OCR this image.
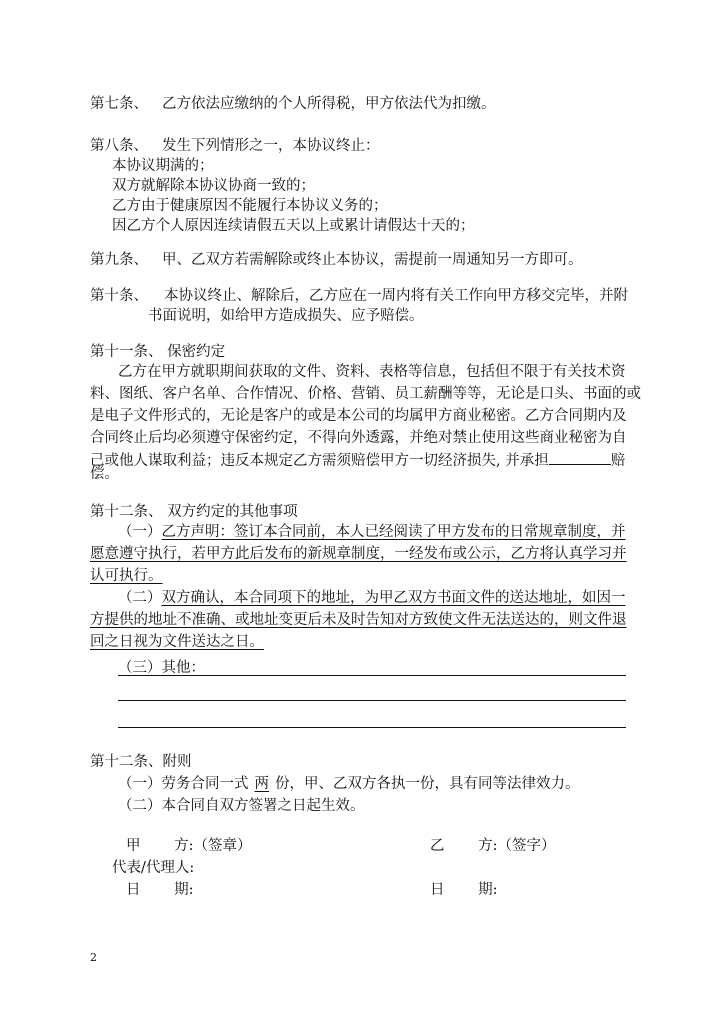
第七条、 乙方依法应缴纳的个人所得税，甲方依法代为扣缴。
第八条、 发生下列情形之一，本协议终止：
本协议期满的；
双方就解除本协议协商一致的；
乙方由于健康原因不能履行本协议义务的；
因乙方个人原因连续请假五天以上或累计请假达十天的；
第九条、 甲、乙双方若需解除或终止本协议，需提前一周通知另一方即可。
第十条、 本协议终止、解除后，乙方应在一周内将有关工作向甲方移交完毕，并附
书面说明，如给甲方造成损失、应予赔偿。
第十一条、 保密约定
乙方在甲方就职期间获取的文件、资料、表格等信息，包括但不限于有关技术资
料、图纸、客户名单、合作情况、价格、营销、员工薪酬等等，无论是口头、书面的或
是电子文件形式的，无论是客户的或是本公司的均属甲方商业秘密。乙方合同期内及
合同终止后均必须遵守保密约定，不得向外透露，并绝对禁止使用这些商业秘密为自
己或他人谋取利益；违反本规定乙方需须赔偿甲方一切经济损失, 并承担	赔
偿。
第十二条、 双方约定的其他事项
（一）乙方声明：签订本合同前，本人已经阅读了甲方发布的日常规章制度，并
愿意遵守执行，若甲方此后发布的新规章制度，一经发布或公示，乙方将认真学习并
认可执行。
（二）双方确认，本合同项下的地址，为甲乙双方书面文件的送达地址，如因一
方提供的地址不准确、或地址变更后未及时告知对方致使文件无法送达的，则文件退
回之日视为文件送达之日。
（三）其他：
第十二条、附则
（一）劳务合同一式 两 份，甲、乙双方各执一份，具有同等法律效力。
（二）本合同自双方签署之日起生效。
甲　　 方:（签章）	乙　　 方:（签字）
代表/代理人:
日　　 期:	日　　 期:
2
